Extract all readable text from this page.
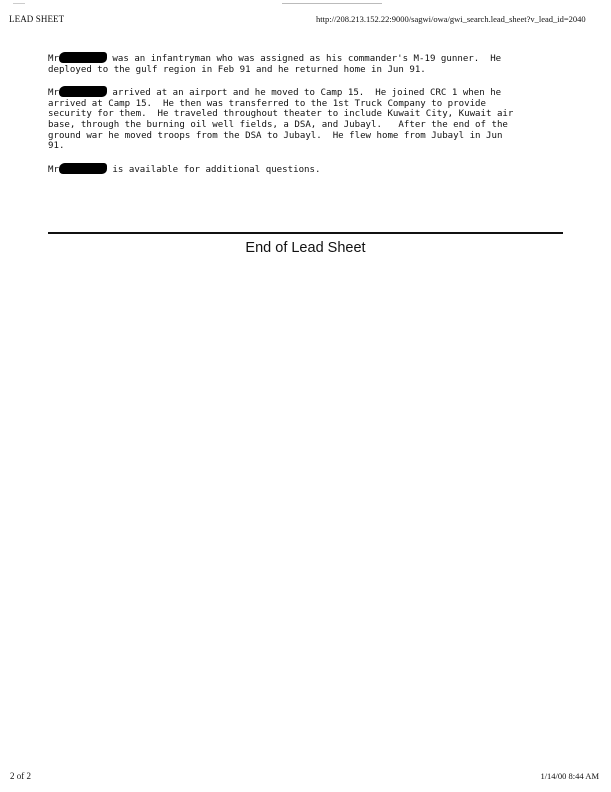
LEAD SHEET	http://208.213.152.22:9000/sagwi/owa/gwi_search.lead_sheet?v_lead_id=2040

Mr	was an infantryman who was assigned as his commander's M-19 gunner.  He
deployed to the gulf region in Feb 91 and he returned home in Jun 91.

Mr	arrived at an airport and he moved to Camp 15.  He joined CRC 1 when he
arrived at Camp 15.  He then was transferred to the 1st Truck Company to provide
security for them.  He traveled throughout theater to include Kuwait City, Kuwait air
base, through the burning oil well fields, a DSA, and Jubayl.   After the end of the
ground war he moved troops from the DSA to Jubayl.  He flew home from Jubayl in Jun
91.

Mr	is available for additional questions.

End of Lead Sheet
2 of 2	1/14/00 8:44 AM
